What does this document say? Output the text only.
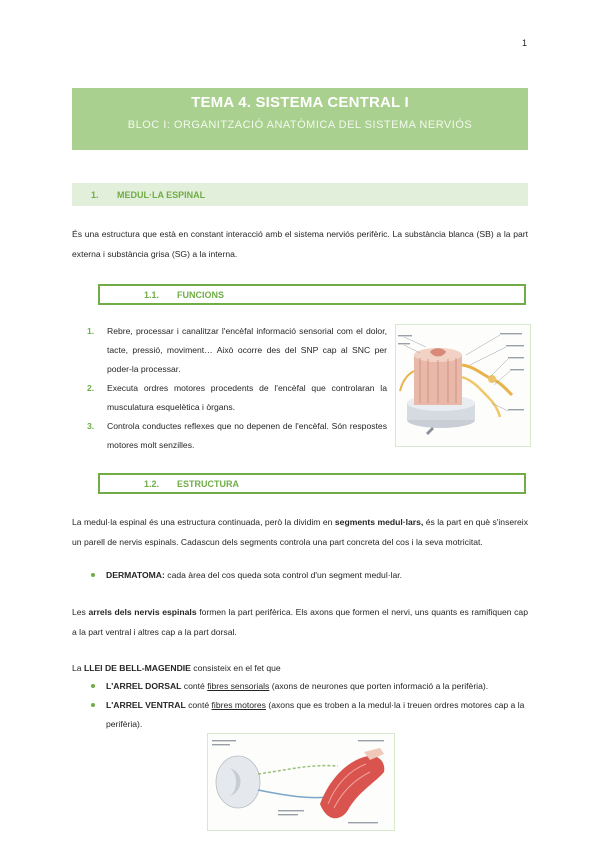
1
TEMA 4. SISTEMA CENTRAL I
BLOC I: ORGANITZACIÓ ANATÒMICA DEL SISTEMA NERVIÓS
1. MEDUL·LA ESPINAL
És una estructura que està en constant interacció amb el sistema nerviós perifèric. La substància blanca (SB) a la part externa i substància grisa (SG) a la interna.
1.1. FUNCIONS
1. Rebre, processar i canalitzar l'encèfal informació sensorial com el dolor, tacte, pressió, moviment… Això ocorre des del SNP cap al SNC per poder-la processar.
2. Executa ordres motores procedents de l'encèfal que controlaran la musculatura esquelètica i òrgans.
3. Controla conductes reflexes que no depenen de l'encèfal. Són respostes motores molt senzilles.
1.2. ESTRUCTURA
La medul·la espinal és una estructura continuada, però la dividim en segments medul·lars, és la part en què s'insereix un parell de nervis espinals. Cadascun dels segments controla una part concreta del cos i la seva motricitat.
DERMATOMA: cada àrea del cos queda sota control d'un segment medul·lar.
Les arrels dels nervis espinals formen la part perifèrica. Els axons que formen el nervi, uns quants es ramifiquen cap a la part ventral i altres cap a la part dorsal.
La LLEI DE BELL-MAGENDIE consisteix en el fet que
L'ARREL DORSAL conté fibres sensorials (axons de neurones que porten informació a la perifèria).
L'ARREL VENTRAL conté fibres motores (axons que es troben a la medul·la i treuen ordres motores cap a la perifèria).
